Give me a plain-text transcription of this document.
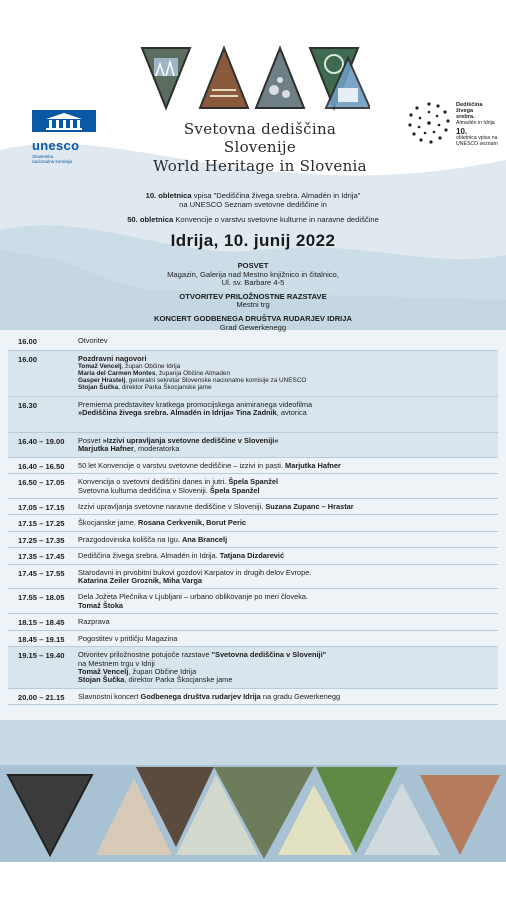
Svetovna dediščina Slovenije
World Heritage in Slovenia
unesco
Slovenska
nacionalna komisija
Dediščina
živega
srebra.
Almadén in Idrija
10.
obletnica vpisa na
UNESCO seznam
10. obletnica vpisa "Dediščina živega srebra. Almadén in Idrija"
na UNESCO Seznam svetovne dediščine in
50. obletnica Konvencije o varstvu svetovne kulturne in naravne dediščine
Idrija, 10. junij 2022
POSVET
Magazin, Galerija nad Mestno knjižnico in čitalnico,
Ul. sv. Barbare 4-5
OTVORITEV PRILOŽNOSTNE RAZSTAVE
Mestni trg
KONCERT GODBENEGA DRUŠTVA RUDARJEV IDRIJA
Grad Gewerkenegg
16.00	Otvoritev
16.00	Pozdravni nagovori
Tomaž Vencelj, župan Občine Idrija
Maria del Carmen Montes, županja Občine Almaden
Gasper Hrastelj, generalni sekretar Slovenske nacionalne komisije za UNESCO
Stojan Šučka, direktor Parka Škocjanske jame
16.30	Premierna predstavitev kratkega promocijskega animiranega videofilma
»Dediščina živega srebra. Almadén in Idrija« Tina Zadnik, avtorica
16.40 – 19.00	Posvet »Izzivi upravljanja svetovne dediščine v Sloveniji«
Marjutka Hafner, moderatorka
16.40 – 16.50	50 let Konvencije o varstvu svetovne dediščine – izzivi in pasti. Marjutka Hafner
16.50 – 17.05	Konvencija o svetovni dediščini danes in jutri. Špela Spanžel
Svetovna kulturna dediščina v Sloveniji. Špela Spanžel
17.05 – 17.15	Izzivi upravljanja svetovne naravne dediščine v Sloveniji. Suzana Zupanc – Hrastar
17.15 – 17.25	Škocjanske jame. Rosana Cerkvenik, Borut Peric
17.25 – 17.35	Prazgodovinska kolišča na Igu. Ana Brancelj
17.35 – 17.45	Dediščina živega srebra. Almadén in Idrija. Tatjana Dizdarević
17.45 – 17.55	Starodavni in prvobitni bukovi gozdovi Karpatov in drugih delov Evrope.
Katarina Zeiler Groznik, Miha Varga
17.55 – 18.05	Dela Jožeta Plečnika v Ljubljani – urbano oblikovanje po meri človeka.
Tomaž Štoka
18.15 – 18.45	Razprava
18.45 – 19.15	Pogostitev v pritličju Magazina
19.15 – 19.40	Otvoritev priložnostne potujoče razstave "Svetovna dediščina v Sloveniji"
na Mestnem trgu v Idriji
Tomaž Vencelj, župan Občine Idrija
Stojan Šučka, direktor Parka Škocjanske jame
20.00 – 21.15	Slavnostni koncert Godbenega društva rudarjev Idrija na gradu Gewerkenegg
